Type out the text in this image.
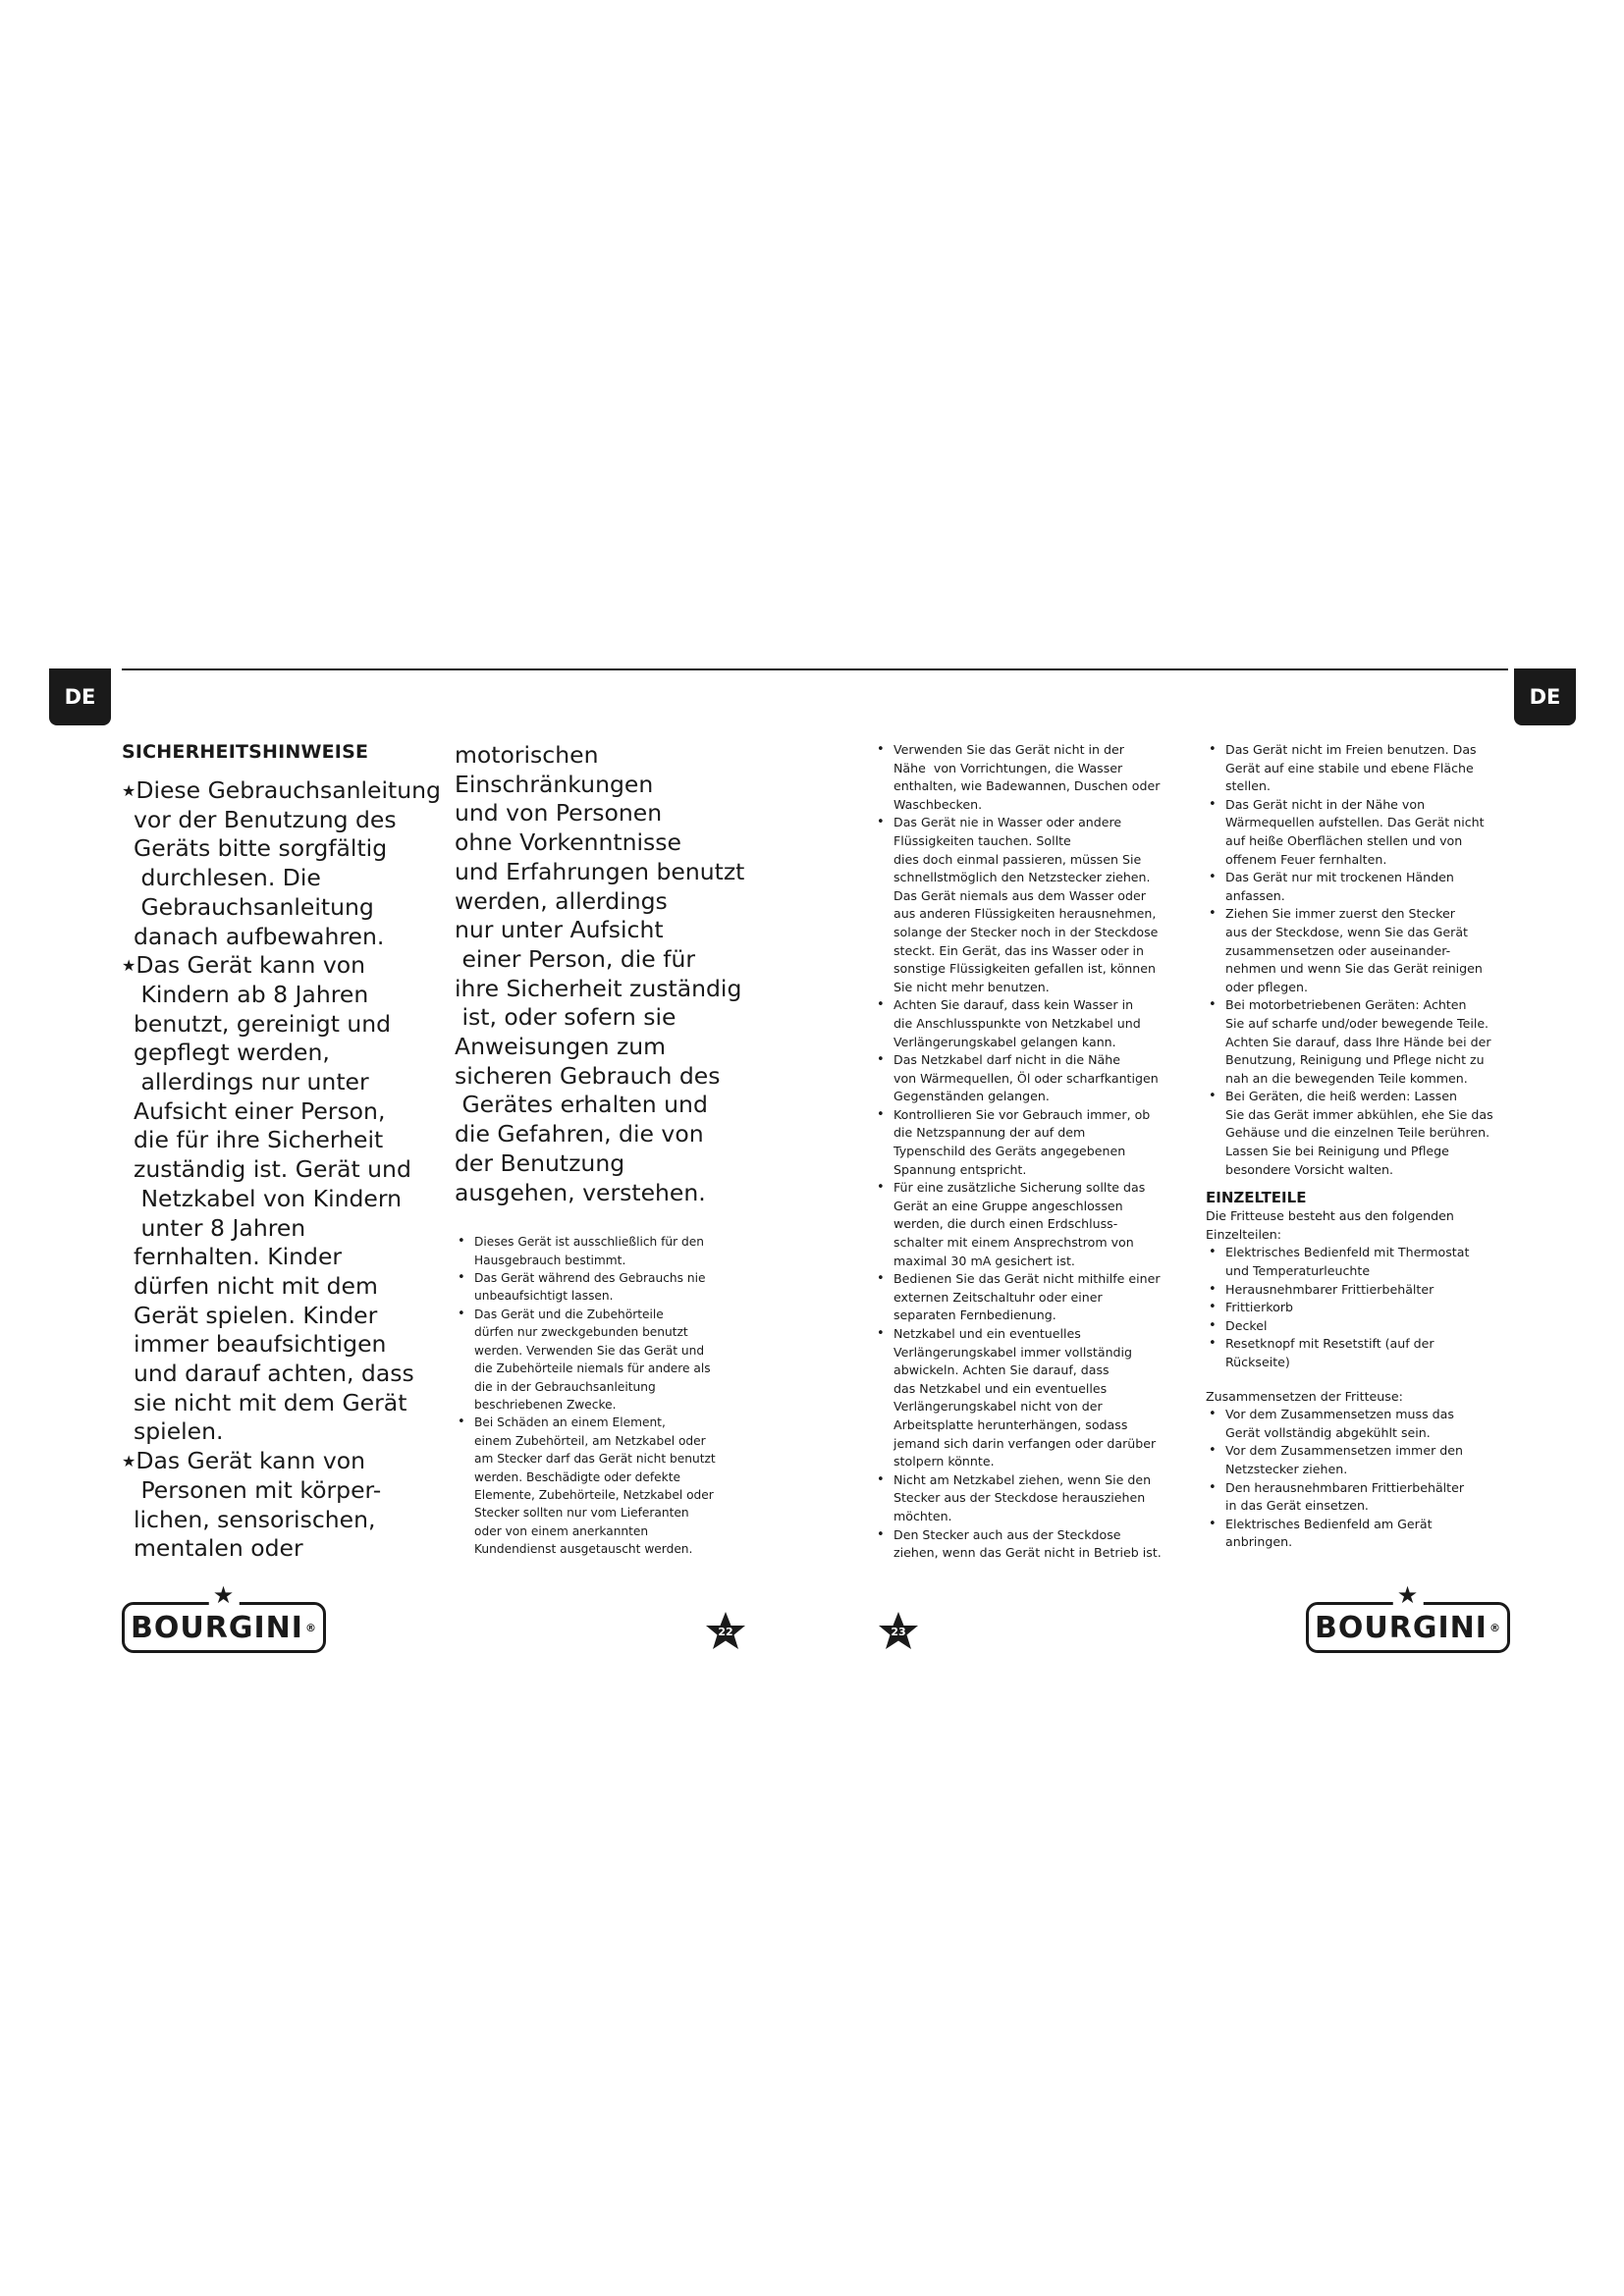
DE	DE
SICHERHEITSHINWEISE

★Diese Gebrauchsanleitung
vor der Benutzung des
Geräts bitte sorgfältig
durchlesen. Die
Gebrauchsanleitung
danach aufbewahren.

★Das Gerät kann von
Kindern ab 8 Jahren
benutzt, gereinigt und
gepflegt werden,
allerdings nur unter
Aufsicht einer Person,
die für ihre Sicherheit
zuständig ist. Gerät und
Netzkabel von Kindern
unter 8 Jahren
fernhalten. Kinder
dürfen nicht mit dem
Gerät spielen. Kinder
immer beaufsichtigen
und darauf achten, dass
sie nicht mit dem Gerät
spielen.

★Das Gerät kann von
Personen mit körper-
lichen, sensorischen,
mentalen oder

motorischen
Einschränkungen
und von Personen
ohne Vorkenntnisse
und Erfahrungen benutzt
werden, allerdings
nur unter Aufsicht
einer Person, die für
ihre Sicherheit zuständig
ist, oder sofern sie
Anweisungen zum
sicheren Gebrauch des
Gerätes erhalten und
die Gefahren, die von
der Benutzung
ausgehen, verstehen.
• Dieses Gerät ist ausschließlich für den
Hausgebrauch bestimmt.
• Das Gerät während des Gebrauchs nie
unbeaufsichtigt lassen.
• Das Gerät und die Zubehörteile
dürfen nur zweckgebunden benutzt
werden. Verwenden Sie das Gerät und
die Zubehörteile niemals für andere als
die in der Gebrauchsanleitung
beschriebenen Zwecke.
• Bei Schäden an einem Element,
einem Zubehörteil, am Netzkabel oder
am Stecker darf das Gerät nicht benutzt
werden. Beschädigte oder defekte
Elemente, Zubehörteile, Netzkabel oder
Stecker sollten nur vom Lieferanten
oder von einem anerkannten
Kundendienst ausgetauscht werden.
• Verwenden Sie das Gerät nicht in der
Nähe  von Vorrichtungen, die Wasser
enthalten, wie Badewannen, Duschen oder
Waschbecken.
• Das Gerät nie in Wasser oder andere
Flüssigkeiten tauchen. Sollte
dies doch einmal passieren, müssen Sie
schnellstmöglich den Netzstecker ziehen.
Das Gerät niemals aus dem Wasser oder
aus anderen Flüssigkeiten herausnehmen,
solange der Stecker noch in der Steckdose
steckt. Ein Gerät, das ins Wasser oder in
sonstige Flüssigkeiten gefallen ist, können
Sie nicht mehr benutzen.
• Achten Sie darauf, dass kein Wasser in
die Anschlusspunkte von Netzkabel und
Verlängerungskabel gelangen kann.
• Das Netzkabel darf nicht in die Nähe
von Wärmequellen, Öl oder scharfkantigen
Gegenständen gelangen.
• Kontrollieren Sie vor Gebrauch immer, ob
die Netzspannung der auf dem
Typenschild des Geräts angegebenen
Spannung entspricht.
• Für eine zusätzliche Sicherung sollte das
Gerät an eine Gruppe angeschlossen
werden, die durch einen Erdschluss-
schalter mit einem Ansprechstrom von
maximal 30 mA gesichert ist.
• Bedienen Sie das Gerät nicht mithilfe einer
externen Zeitschaltuhr oder einer
separaten Fernbedienung.
• Netzkabel und ein eventuelles
Verlängerungskabel immer vollständig
abwickeln. Achten Sie darauf, dass
das Netzkabel und ein eventuelles
Verlängerungskabel nicht von der
Arbeitsplatte herunterhängen, sodass
jemand sich darin verfangen oder darüber
stolpern könnte.
• Nicht am Netzkabel ziehen, wenn Sie den
Stecker aus der Steckdose herausziehen
möchten.
• Den Stecker auch aus der Steckdose
ziehen, wenn das Gerät nicht in Betrieb ist.
• Das Gerät nicht im Freien benutzen. Das
Gerät auf eine stabile und ebene Fläche
stellen.
• Das Gerät nicht in der Nähe von
Wärmequellen aufstellen. Das Gerät nicht
auf heiße Oberflächen stellen und von
offenem Feuer fernhalten.
• Das Gerät nur mit trockenen Händen
anfassen.
• Ziehen Sie immer zuerst den Stecker
aus der Steckdose, wenn Sie das Gerät
zusammensetzen oder auseinander-
nehmen und wenn Sie das Gerät reinigen
oder pflegen.
• Bei motorbetriebenen Geräten: Achten
Sie auf scharfe und/oder bewegende Teile.
Achten Sie darauf, dass Ihre Hände bei der
Benutzung, Reinigung und Pflege nicht zu
nah an die bewegenden Teile kommen.
• Bei Geräten, die heiß werden: Lassen
Sie das Gerät immer abkühlen, ehe Sie das
Gehäuse und die einzelnen Teile berühren.
Lassen Sie bei Reinigung und Pflege
besondere Vorsicht walten.
EINZELTEILE
Die Fritteuse besteht aus den folgenden
Einzelteilen:
• Elektrisches Bedienfeld mit Thermostat
und Temperaturleuchte
• Herausnehmbarer Frittierbehälter
• Frittierkorb
• Deckel
• Resetknopf mit Resetstift (auf der
Rückseite)
Zusammensetzen der Fritteuse:
• Vor dem Zusammensetzen muss das
Gerät vollständig abgekühlt sein.
• Vor dem Zusammensetzen immer den
Netzstecker ziehen.
• Den herausnehmbaren Frittierbehälter
in das Gerät einsetzen.
• Elektrisches Bedienfeld am Gerät
anbringen.
★
BOURGINI ®
★
BOURGINI ®
22	23
